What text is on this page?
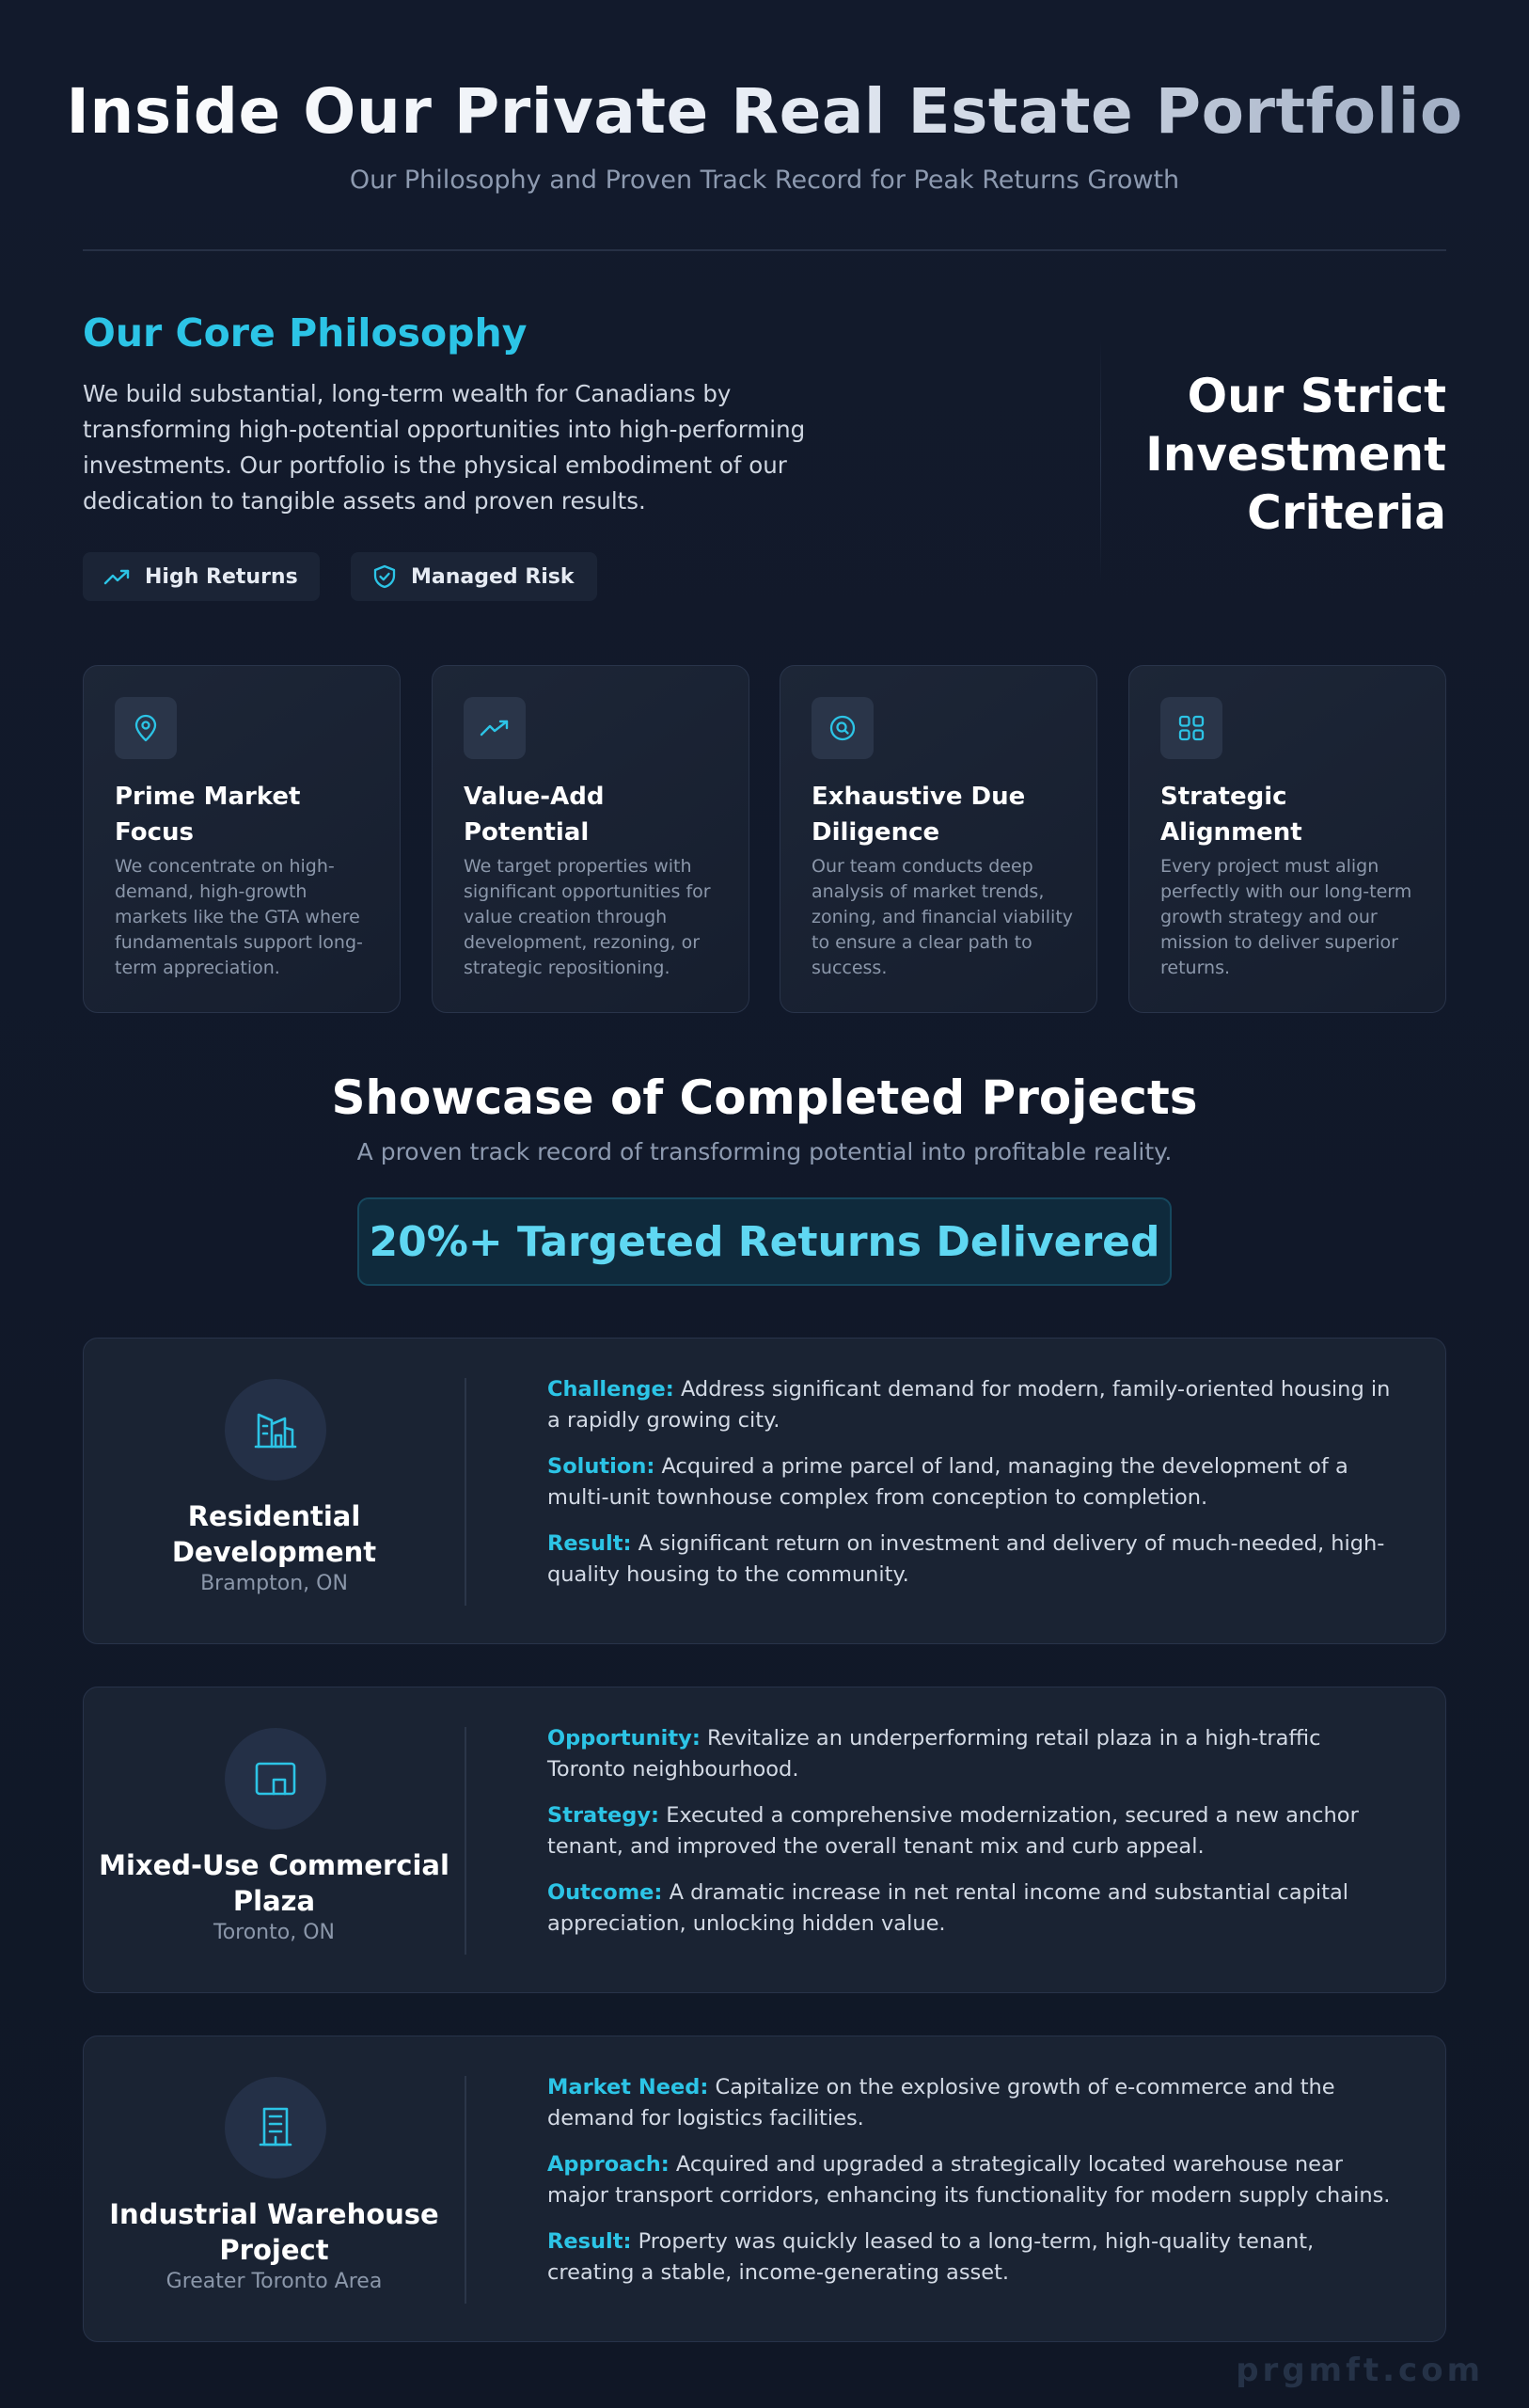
Inside Our Private Real Estate Portfolio
Our Philosophy and Proven Track Record for Peak Returns Growth
Our Core Philosophy

We build substantial, long-term wealth for Canadians by transforming high-potential opportunities into high-performing investments. Our portfolio is the physical embodiment of our dedication to tangible assets and proven results.

High Returns	Managed Risk
Our Strict Investment Criteria
Prime Market Focus
We concentrate on high-demand, high-growth markets like the GTA where fundamentals support long-term appreciation.
Value-Add Potential
We target properties with significant opportunities for value creation through development, rezoning, or strategic repositioning.
Exhaustive Due Diligence
Our team conducts deep analysis of market trends, zoning, and financial viability to ensure a clear path to success.
Strategic Alignment
Every project must align perfectly with our long-term growth strategy and our mission to deliver superior returns.
Showcase of Completed Projects
A proven track record of transforming potential into profitable reality.
20%+ Targeted Returns Delivered
Residential Development
Brampton, ON

Challenge: Address significant demand for modern, family-oriented housing in a rapidly growing city.

Solution: Acquired a prime parcel of land, managing the development of a multi-unit townhouse complex from conception to completion.

Result: A significant return on investment and delivery of much-needed, high-quality housing to the community.

Mixed-Use Commercial Plaza
Toronto, ON

Opportunity: Revitalize an underperforming retail plaza in a high-traffic Toronto neighbourhood.

Strategy: Executed a comprehensive modernization, secured a new anchor tenant, and improved the overall tenant mix and curb appeal.

Outcome: A dramatic increase in net rental income and substantial capital appreciation, unlocking hidden value.

Industrial Warehouse Project
Greater Toronto Area

Market Need: Capitalize on the explosive growth of e-commerce and the demand for logistics facilities.

Approach: Acquired and upgraded a strategically located warehouse near major transport corridors, enhancing its functionality for modern supply chains.

Result: Property was quickly leased to a long-term, high-quality tenant, creating a stable, income-generating asset.

prgmft.com
